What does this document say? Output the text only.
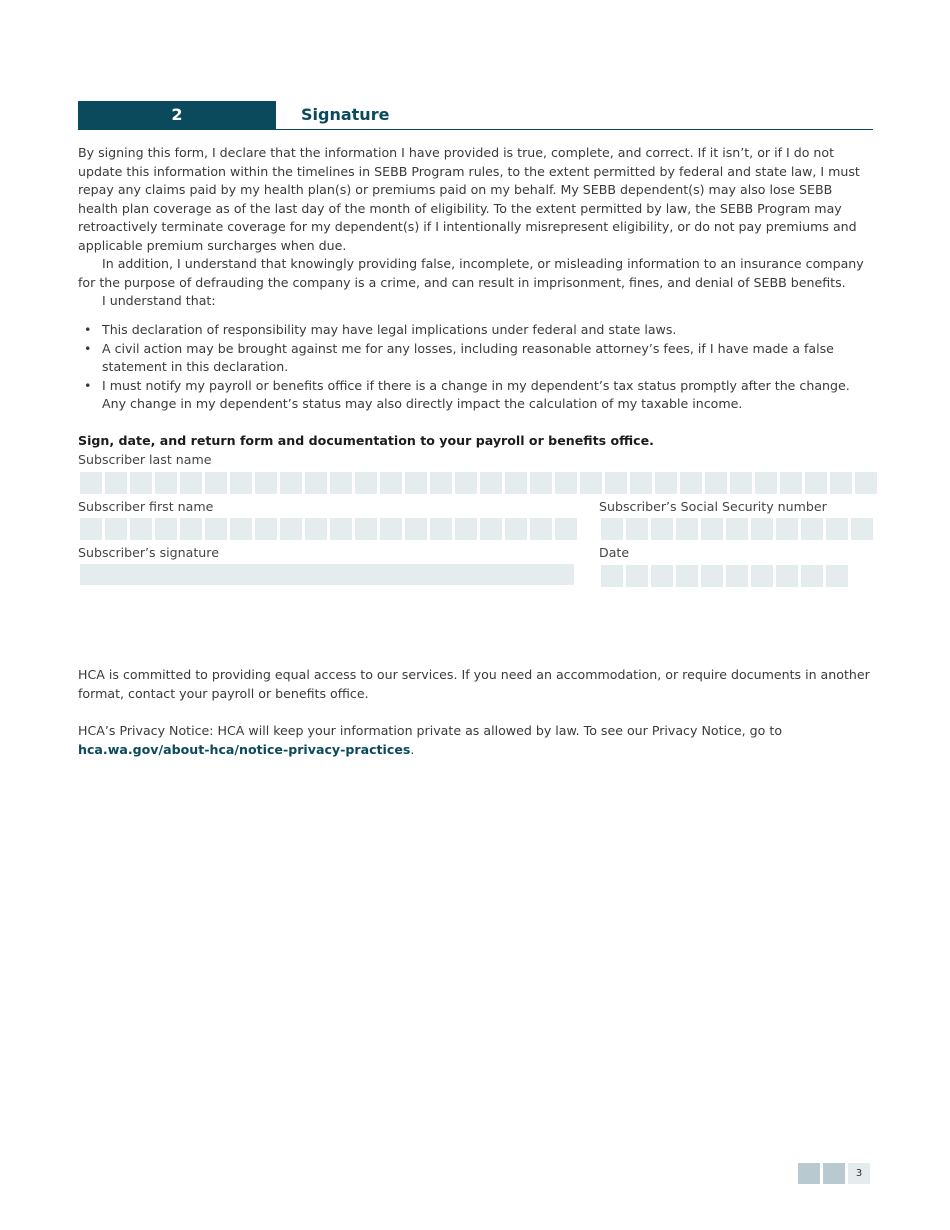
2	Signature

By signing this form, I declare that the information I have provided is true, complete, and correct. If it isn’t, or if I do not update this information within the timelines in SEBB Program rules, to the extent permitted by federal and state law, I must repay any claims paid by my health plan(s) or premiums paid on my behalf. My SEBB dependent(s) may also lose SEBB health plan coverage as of the last day of the month of eligibility. To the extent permitted by law, the SEBB Program may retroactively terminate coverage for my dependent(s) if I intentionally misrepresent eligibility, or do not pay premiums and applicable premium surcharges when due.

In addition, I understand that knowingly providing false, incomplete, or misleading information to an insurance company for the purpose of defrauding the company is a crime, and can result in imprisonment, fines, and denial of SEBB benefits.

I understand that:

• This declaration of responsibility may have legal implications under federal and state laws.
• A civil action may be brought against me for any losses, including reasonable attorney’s fees, if I have made a false statement in this declaration.
• I must notify my payroll or benefits office if there is a change in my dependent’s tax status promptly after the change. Any change in my dependent’s status may also directly impact the calculation of my taxable income.
Sign, date, and return form and documentation to your payroll or benefits office.
Subscriber last name
Subscriber first name	Subscriber’s Social Security number
Subscriber’s signature	Date

HCA is committed to providing equal access to our services. If you need an accommodation, or require documents in another format, contact your payroll or benefits office.

HCA’s Privacy Notice: HCA will keep your information private as allowed by law. To see our Privacy Notice, go to
hca.wa.gov/about-hca/notice-privacy-practices.

3
